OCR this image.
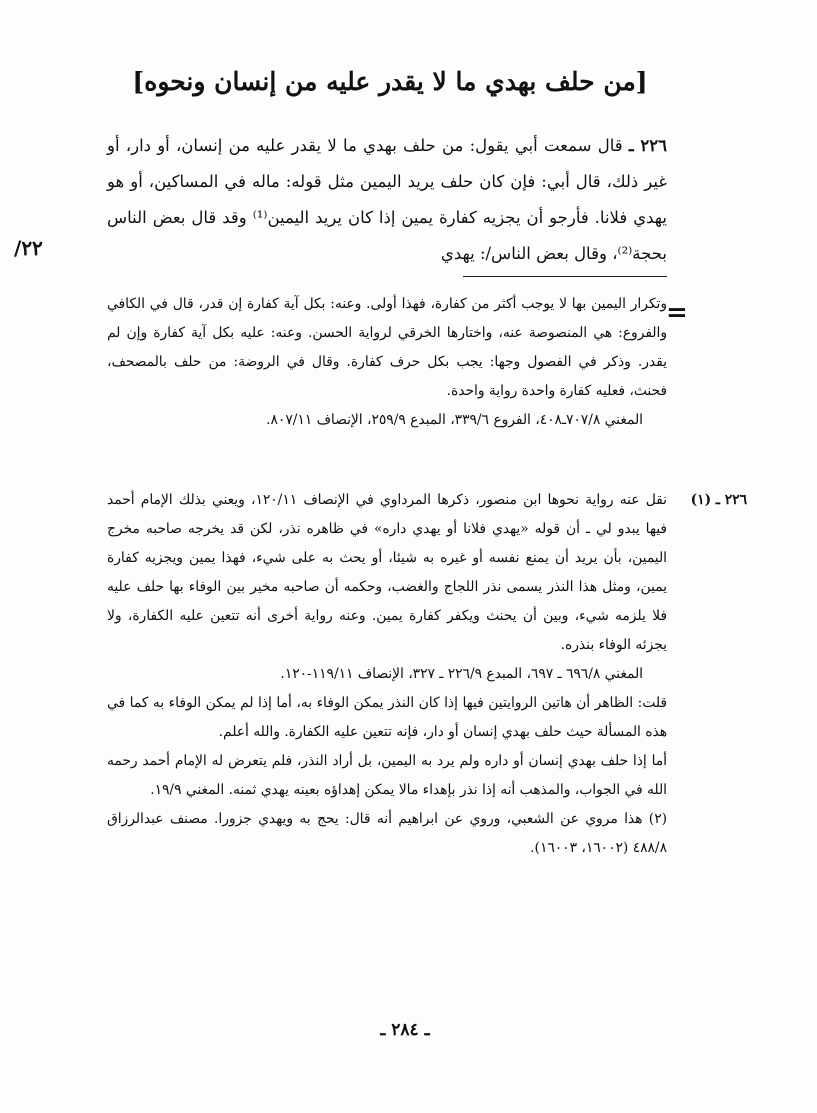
[من حلف بهدي ما لا يقدر عليه من إنسان ونحوه]
٢٢٦ ـ قال سمعت أبي يقول: من حلف بهدي ما لا يقدر عليه من إنسان، أو دار، أو غير ذلك، قال أبي: فإن كان حلف يريد اليمين مثل قوله: ماله في المساكين، أو هو يهدي فلانا. فأرجو أن يجزيه كفارة يمين إذا كان يريد اليمين⁽¹⁾ وقد قال بعض الناس بحجة⁽²⁾، وقال بعض الناس/: يهدي
/٢٢
=

وتكرار اليمين بها لا يوجب أكثر من كفارة، فهذا أولى. وعنه: بكل آية كفارة إن قدر، قال في الكافي والفروع: هي المنصوصة عنه، واختارها الخرقي لرواية الحسن. وعنه: عليه بكل آية كفارة وإن لم يقدر. وذكر في الفصول وجها: يجب بكل حرف كفارة. وقال في الروضة: من حلف بالمصحف، فحنث، فعليه كفارة واحدة رواية واحدة.

المغني ٧٠٧/٨ـ٤٠٨، الفروع ٣٣٩/٦، المبدع ٢٥٩/٩، الإنصاف ٨٠٧/١١.

٢٢٦ ـ (١)
نقل عنه رواية نحوها ابن منصور، ذكرها المرداوي في الإنصاف ١٢٠/١١، ويعني بذلك الإمام أحمد فيها يبدو لي ـ أن قوله «يهدي فلانا أو يهدي داره» في ظاهره نذر، لكن قد يخرجه صاحبه مخرج اليمين، بأن يريد أن يمنع نفسه أو غيره به شيئا، أو يحث به على شيء، فهذا يمين ويجزيه كفارة يمين، ومثل هذا النذر يسمى نذر اللجاج والغضب، وحكمه أن صاحبه مخير بين الوفاء بها حلف عليه فلا يلزمه شيء، وبين أن يحنث ويكفر كفارة يمين. وعنه رواية أخرى أنه تتعين عليه الكفارة، ولا يجزئه الوفاء بنذره.

المغني ٦٩٦/٨ ـ ٦٩٧، المبدع ٢٢٦/٩ ـ ٣٢٧، الإنصاف ١١٩/١١-١٢٠.

قلت: الظاهر أن هاتين الروايتين فيها إذا كان النذر يمكن الوفاء به، أما إذا لم يمكن الوفاء به كما في هذه المسألة حيث حلف بهدي إنسان أو دار، فإنه تتعين عليه الكفارة. والله أعلم.

أما إذا حلف بهدي إنسان أو داره ولم يرد به اليمين، بل أراد النذر، فلم يتعرض له الإمام أحمد رحمه الله في الجواب، والمذهب أنه إذا نذر بإهداء مالا يمكن إهداؤه بعينه يهدي ثمنه. المغني ١٩/٩.

(٢) هذا مروي عن الشعبي، وروي عن ابراهيم أنه قال: يحج به ويهدي جزورا. مصنف عبدالرزاق ٤٨٨/٨ (١٦٠٠٢، ١٦٠٠٣).

ـ ٢٨٤ ـ
